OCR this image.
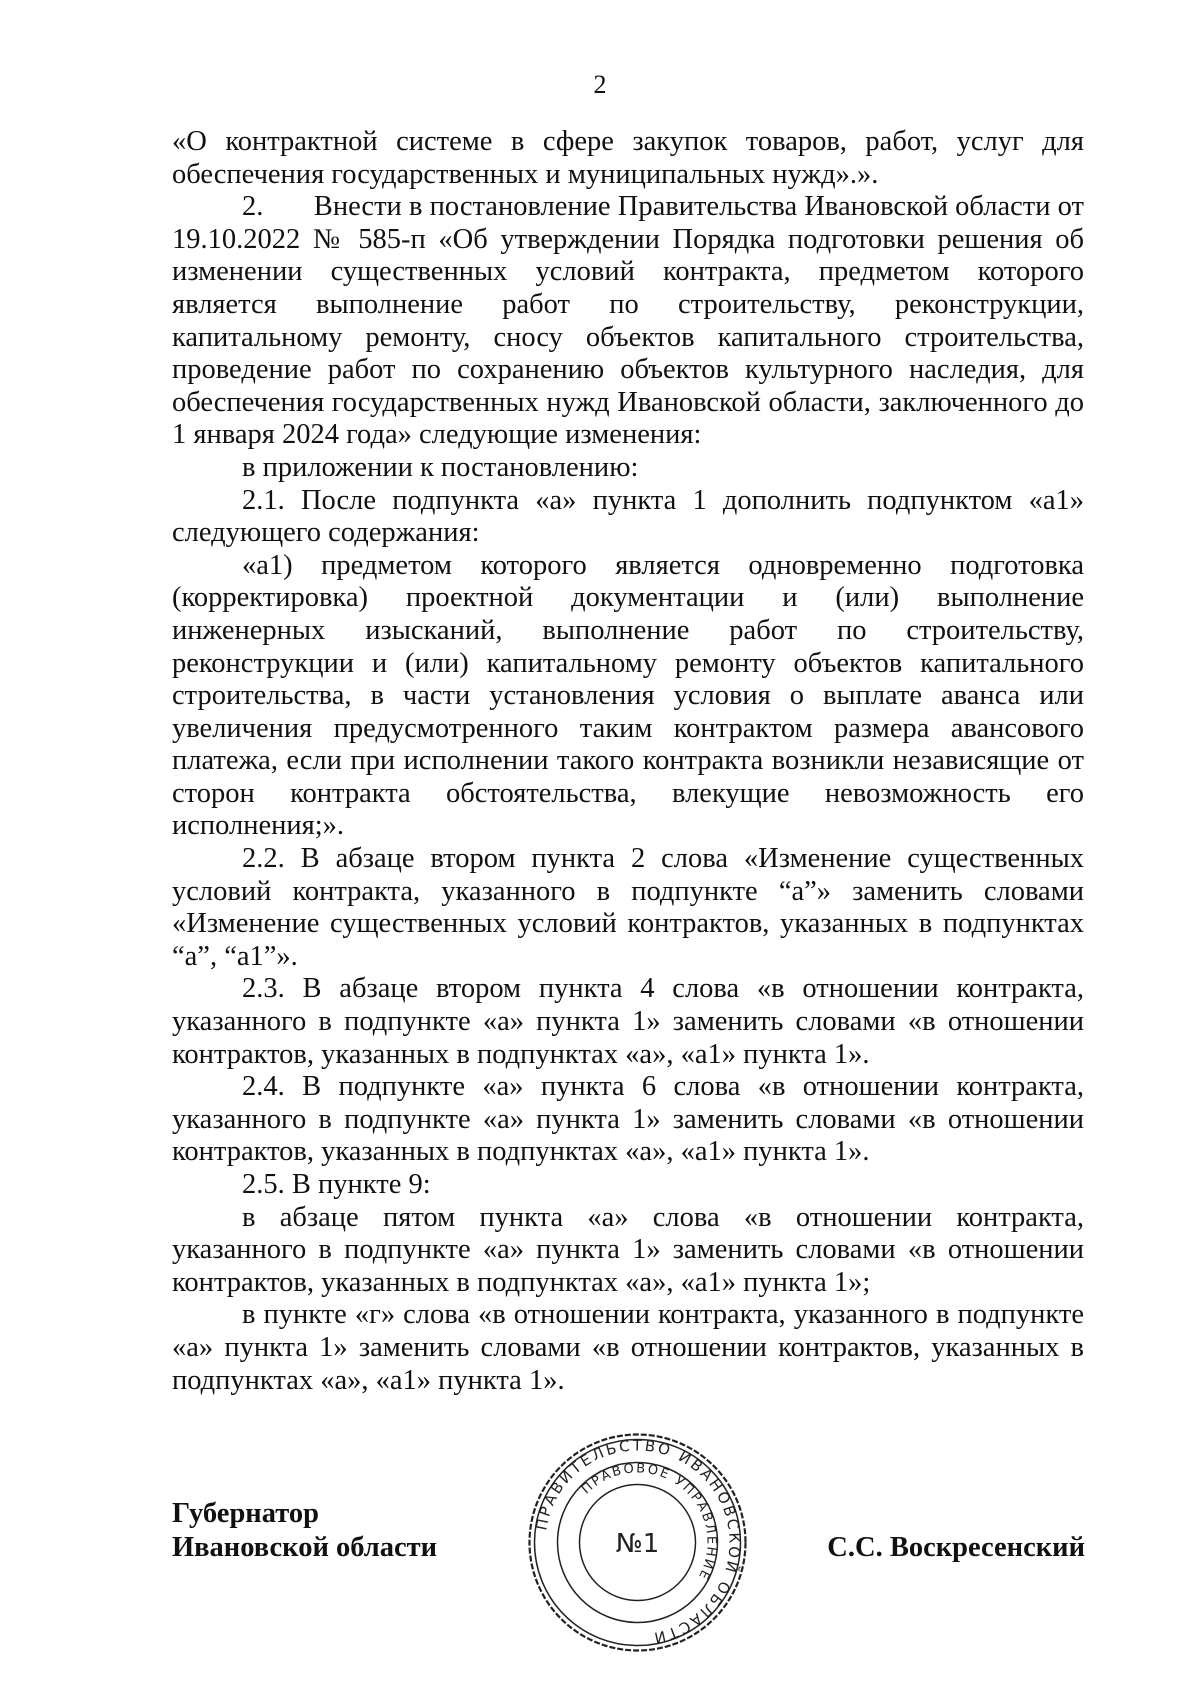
2

«О контрактной системе в сфере закупок товаров, работ, услуг для обеспечения государственных и муниципальных нужд».».

2.       Внести в постановление Правительства Ивановской области от 19.10.2022 № 585-п «Об утверждении Порядка подготовки решения об изменении существенных условий контракта, предметом которого является выполнение работ по строительству, реконструкции, капитальному ремонту, сносу объектов капитального строительства, проведение работ по сохранению объектов культурного наследия, для обеспечения государственных нужд Ивановской области, заключенного до 1 января 2024 года» следующие изменения:

в приложении к постановлению:

2.1. После подпункта «а» пункта 1 дополнить подпунктом «а1» следующего содержания:

«а1) предметом которого является одновременно подготовка (корректировка) проектной документации и (или) выполнение инженерных изысканий, выполнение работ по строительству, реконструкции и (или) капитальному ремонту объектов капитального строительства, в части установления условия о выплате аванса или увеличения предусмотренного таким контрактом размера авансового платежа, если при исполнении такого контракта возникли независящие от сторон контракта обстоятельства, влекущие невозможность его исполнения;».

2.2. В абзаце втором пункта 2 слова «Изменение существенных условий контракта, указанного в подпункте “а”» заменить словами «Изменение существенных условий контрактов, указанных в подпунктах “а”, “а1”».

2.3. В абзаце втором пункта 4 слова «в отношении контракта, указанного в подпункте «а» пункта 1» заменить словами «в отношении контрактов, указанных в подпунктах «а», «а1» пункта 1».

2.4. В подпункте «а» пункта 6 слова «в отношении контракта, указанного в подпункте «а» пункта 1» заменить словами «в отношении контрактов, указанных в подпунктах «а», «а1» пункта 1».

2.5. В пункте 9:

в абзаце пятом пункта «а» слова «в отношении контракта, указанного в подпункте «а» пункта 1» заменить словами «в отношении контрактов, указанных в подпунктах «а», «а1» пункта 1»;

в пункте «г» слова «в отношении контракта, указанного в подпункте «а» пункта 1» заменить словами «в отношении контрактов, указанных в подпунктах «а», «а1» пункта 1».

Губернатор
Ивановской области
ПРАВИТЕЛЬСТВО ИВАНОВСКОЙ ОБЛАСТИ
ПРАВОВОЕ УПРАВЛЕНИЕ
№1	С.С. Воскресенский
